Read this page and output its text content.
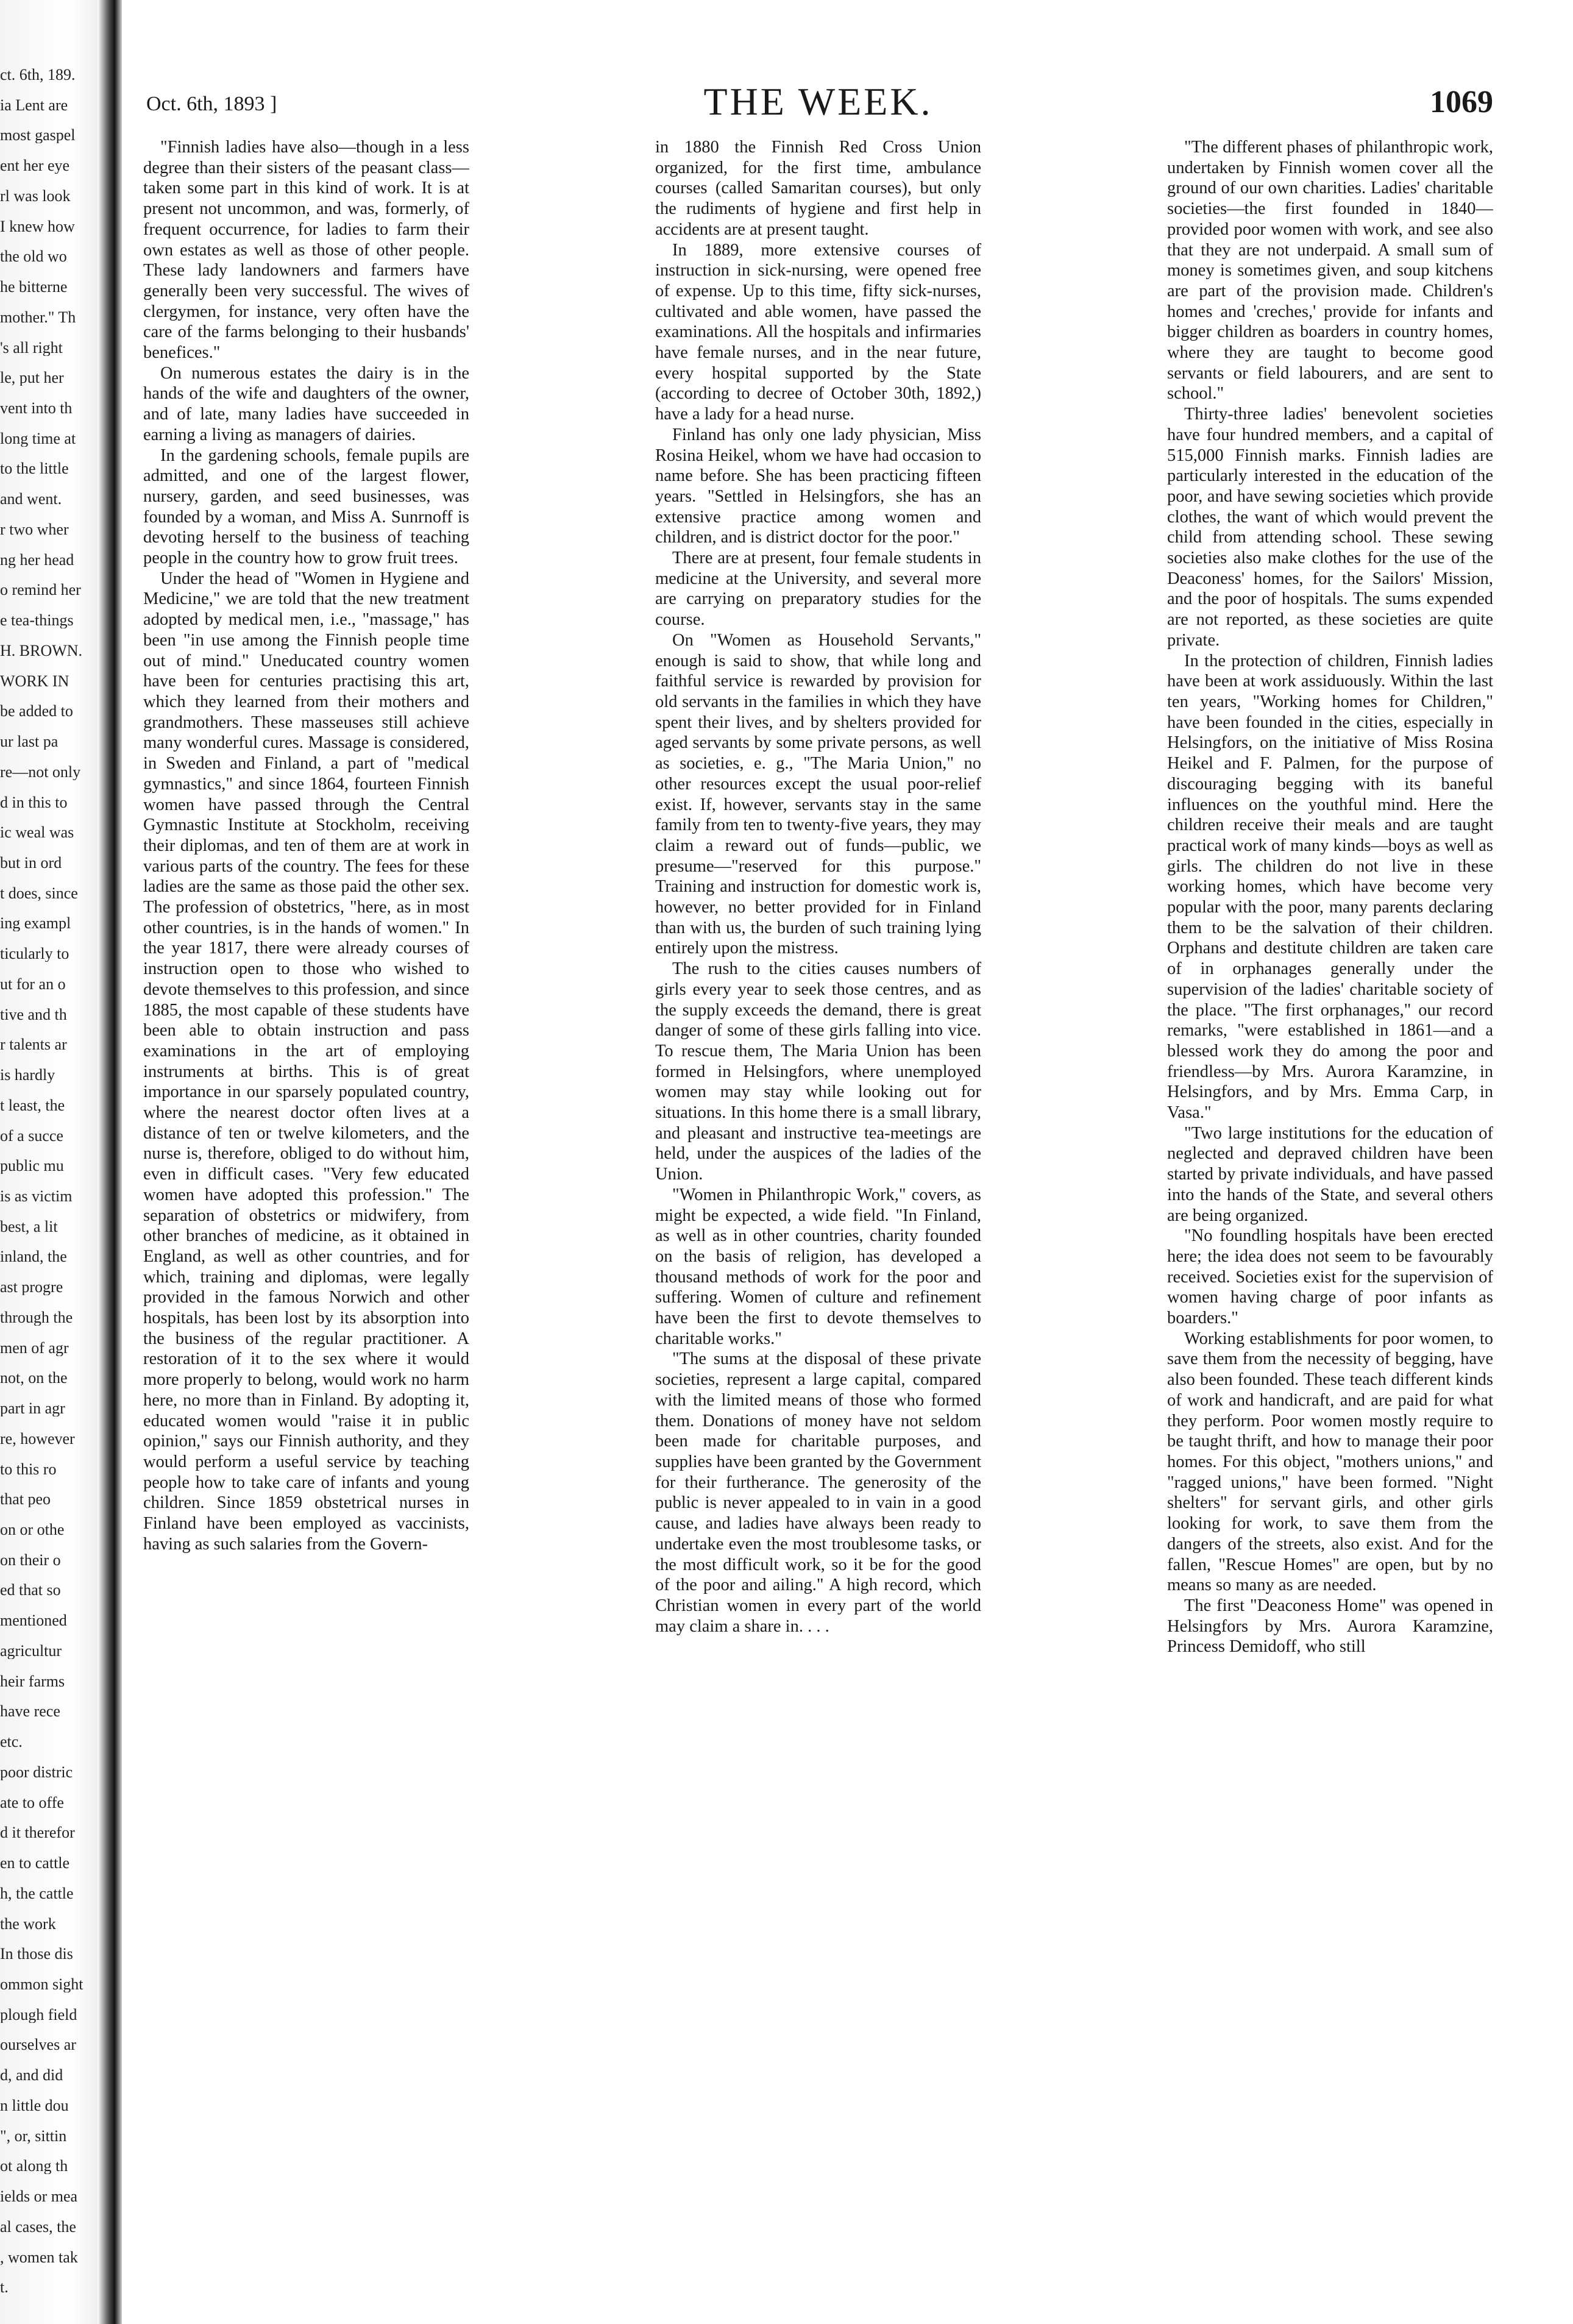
ct. 6th, 189.
ia Lent are
most gaspel
ent her eye
rl was look
I knew how
the old wo
he bitterne
mother." Th
's all right
le, put her
vent into th
long time at
to the little
and went.
r two wher
ng her head
o remind her
e tea-things
H. BROWN.
WORK IN
be added to
ur last pa
re—not only
d in this to
ic weal was
but in ord
t does, since
ing exampl
ticularly to
ut for an o
tive and th
r talents ar
is hardly
t least, the
of a succe
public mu
is as victim
best, a lit
inland, the
ast progre
through the
men of agr
not, on the
part in agr
re, however
to this ro
that peo
on or othe
on their o
ed that so
mentioned
agricultur
heir farms
have rece
etc.
poor distric
ate to offe
d it therefor
en to cattle
h, the cattle
the work
In those dis
ommon sight
plough field
ourselves ar
d, and did
n little dou
", or, sittin
ot along th
ields or mea
al cases, the
, women tak
t.
Oct. 6th, 1893 ]	THE WEEK.	1069

"Finnish ladies have also—though in a less degree than their sisters of the peasant class—taken some part in this kind of work. It is at present not uncommon, and was, formerly, of frequent occurrence, for ladies to farm their own estates as well as those of other people. These lady landowners and farmers have generally been very successful. The wives of clergymen, for instance, very often have the care of the farms belonging to their husbands' benefices."

On numerous estates the dairy is in the hands of the wife and daughters of the owner, and of late, many ladies have succeeded in earning a living as managers of dairies.

In the gardening schools, female pupils are admitted, and one of the largest flower, nursery, garden, and seed businesses, was founded by a woman, and Miss A. Sunrnoff is devoting herself to the business of teaching people in the country how to grow fruit trees.

Under the head of "Women in Hygiene and Medicine," we are told that the new treatment adopted by medical men, i.e., "massage," has been "in use among the Finnish people time out of mind." Uneducated country women have been for centuries practising this art, which they learned from their mothers and grandmothers. These masseuses still achieve many wonderful cures. Massage is considered, in Sweden and Finland, a part of "medical gymnastics," and since 1864, fourteen Finnish women have passed through the Central Gymnastic Institute at Stockholm, receiving their diplomas, and ten of them are at work in various parts of the country. The fees for these ladies are the same as those paid the other sex. The profession of obstetrics, "here, as in most other countries, is in the hands of women." In the year 1817, there were already courses of instruction open to those who wished to devote themselves to this profession, and since 1885, the most capable of these students have been able to obtain instruction and pass examinations in the art of employing instruments at births. This is of great importance in our sparsely populated country, where the nearest doctor often lives at a distance of ten or twelve kilometers, and the nurse is, therefore, obliged to do without him, even in difficult cases. "Very few educated women have adopted this profession." The separation of obstetrics or midwifery, from other branches of medicine, as it obtained in England, as well as other countries, and for which, training and diplomas, were legally provided in the famous Norwich and other hospitals, has been lost by its absorption into the business of the regular practitioner. A restoration of it to the sex where it would more properly to belong, would work no harm here, no more than in Finland. By adopting it, educated women would "raise it in public opinion," says our Finnish authority, and they would perform a useful service by teaching people how to take care of infants and young children. Since 1859 obstetrical nurses in Finland have been employed as vaccinists, having as such salaries from the Govern-

in 1880 the Finnish Red Cross Union organized, for the first time, ambulance courses (called Samaritan courses), but only the rudiments of hygiene and first help in accidents are at present taught.

In 1889, more extensive courses of instruction in sick-nursing, were opened free of expense. Up to this time, fifty sick-nurses, cultivated and able women, have passed the examinations. All the hospitals and infirmaries have female nurses, and in the near future, every hospital supported by the State (according to decree of October 30th, 1892,) have a lady for a head nurse.

Finland has only one lady physician, Miss Rosina Heikel, whom we have had occasion to name before. She has been practicing fifteen years. "Settled in Helsingfors, she has an extensive practice among women and children, and is district doctor for the poor."

There are at present, four female students in medicine at the University, and several more are carrying on preparatory studies for the course.

On "Women as Household Servants," enough is said to show, that while long and faithful service is rewarded by provision for old servants in the families in which they have spent their lives, and by shelters provided for aged servants by some private persons, as well as societies, e. g., "The Maria Union," no other resources except the usual poor-relief exist. If, however, servants stay in the same family from ten to twenty-five years, they may claim a reward out of funds—public, we presume—"reserved for this purpose." Training and instruction for domestic work is, however, no better provided for in Finland than with us, the burden of such training lying entirely upon the mistress.

The rush to the cities causes numbers of girls every year to seek those centres, and as the supply exceeds the demand, there is great danger of some of these girls falling into vice. To rescue them, The Maria Union has been formed in Helsingfors, where unemployed women may stay while looking out for situations. In this home there is a small library, and pleasant and instructive tea-meetings are held, under the auspices of the ladies of the Union.

"Women in Philanthropic Work," covers, as might be expected, a wide field. "In Finland, as well as in other countries, charity founded on the basis of religion, has developed a thousand methods of work for the poor and suffering. Women of culture and refinement have been the first to devote themselves to charitable works."

"The sums at the disposal of these private societies, represent a large capital, compared with the limited means of those who formed them. Donations of money have not seldom been made for charitable purposes, and supplies have been granted by the Government for their furtherance. The generosity of the public is never appealed to in vain in a good cause, and ladies have always been ready to undertake even the most troublesome tasks, or the most difficult work, so it be for the good of the poor and ailing." A high record, which Christian women in every part of the world may claim a share in. . . .

"The different phases of philanthropic work, undertaken by Finnish women cover all the ground of our own charities. Ladies' charitable societies—the first founded in 1840—provided poor women with work, and see also that they are not underpaid. A small sum of money is sometimes given, and soup kitchens are part of the provision made. Children's homes and 'creches,' provide for infants and bigger children as boarders in country homes, where they are taught to become good servants or field labourers, and are sent to school."

Thirty-three ladies' benevolent societies have four hundred members, and a capital of 515,000 Finnish marks. Finnish ladies are particularly interested in the education of the poor, and have sewing societies which provide clothes, the want of which would prevent the child from attending school. These sewing societies also make clothes for the use of the Deaconess' homes, for the Sailors' Mission, and the poor of hospitals. The sums expended are not reported, as these societies are quite private.

In the protection of children, Finnish ladies have been at work assiduously. Within the last ten years, "Working homes for Children," have been founded in the cities, especially in Helsingfors, on the initiative of Miss Rosina Heikel and F. Palmen, for the purpose of discouraging begging with its baneful influences on the youthful mind. Here the children receive their meals and are taught practical work of many kinds—boys as well as girls. The children do not live in these working homes, which have become very popular with the poor, many parents declaring them to be the salvation of their children. Orphans and destitute children are taken care of in orphanages generally under the supervision of the ladies' charitable society of the place. "The first orphanages," our record remarks, "were established in 1861—and a blessed work they do among the poor and friendless—by Mrs. Aurora Karamzine, in Helsingfors, and by Mrs. Emma Carp, in Vasa."

"Two large institutions for the education of neglected and depraved children have been started by private individuals, and have passed into the hands of the State, and several others are being organized.

"No foundling hospitals have been erected here; the idea does not seem to be favourably received. Societies exist for the supervision of women having charge of poor infants as boarders."

Working establishments for poor women, to save them from the necessity of begging, have also been founded. These teach different kinds of work and handicraft, and are paid for what they perform. Poor women mostly require to be taught thrift, and how to manage their poor homes. For this object, "mothers unions," and "ragged unions," have been formed. "Night shelters" for servant girls, and other girls looking for work, to save them from the dangers of the streets, also exist. And for the fallen, "Rescue Homes" are open, but by no means so many as are needed.

The first "Deaconess Home" was opened in Helsingfors by Mrs. Aurora Karamzine, Princess Demidoff, who still
